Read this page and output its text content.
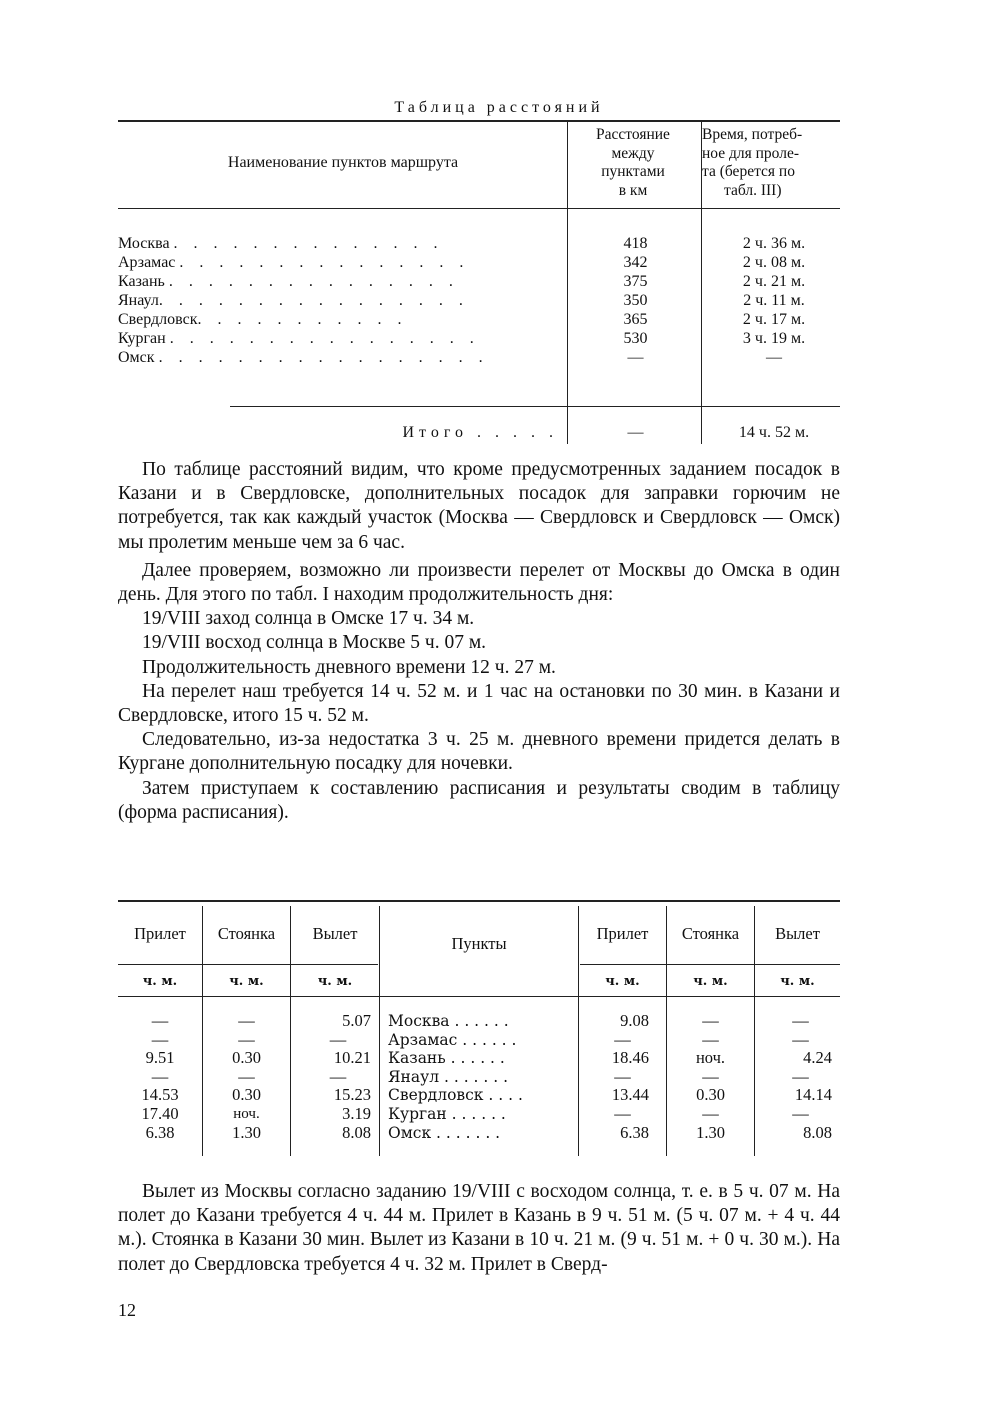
Таблица расстояний
Наименование пунктов маршрута
Расстояние
между
пунктами
в км
Время, потреб-
ное для проле-
та (берется по
табл. III)
Москва . . . . . . . . . . . . . .	418	2 ч. 36 м.
Арзамас . . . . . . . . . . . . . . .	342	2 ч. 08 м.
Казань . . . . . . . . . . . . . . .	375	2 ч. 21 м.
Янаул. . . . . . . . . . . . . . . .	350	2 ч. 11 м.
Свердловск. . . . . . . . . . .	365	2 ч. 17 м.
Курган . . . . . . . . . . . . . . . .	530	3 ч. 19 м.
Омск . . . . . . . . . . . . . . . . .	—	—
Итого . . . . .	—	14 ч. 52 м.

По таблице расстояний видим, что кроме предусмотренных заданием посадок в Казани и в Свердловске, дополнительных посадок для заправки горючим не потребуется, так как каждый участок (Москва — Свердловск и Свердловск — Омск) мы пролетим меньше чем за 6 час.

Далее проверяем, возможно ли произвести перелет от Москвы до Омска в один день. Для этого по табл. I находим продолжительность дня:

19/VIII заход солнца в Омске 17 ч. 34 м.

19/VIII восход солнца в Москве 5 ч. 07 м.

Продолжительность дневного времени 12 ч. 27 м.

На перелет наш требуется 14 ч. 52 м. и 1 час на остановки по 30 мин. в Казани и Свердловске, итого 15 ч. 52 м.

Следовательно, из-за недостатка 3 ч. 25 м. дневного времени придется делать в Кургане дополнительную посадку для ночевки.

Затем приступаем к составлению расписания и результаты сводим в таблицу (форма расписания).

Прилет	Стоянка	Вылет
Пункты
Прилет	Стоянка	Вылет
ч. м.	ч. м.	ч. м.	ч. м.	ч. м.	ч. м.
—	—	5.07 Москва . . . . . .	9.08	—	—
—	—	—	Арзамас . . . . . .	—	—	—
9.51	0.30	10.21 Казань . . . . . .	18.46	ноч.	4.24
—	—	—	Янаул . . . . . . .	—	—	—
14.53	0.30	15.23 Свердловск . . . .	13.44	0.30	14.14
17.40	ноч.	3.19 Курган . . . . . .	—	—	—
6.38	1.30	8.08 Омск . . . . . . .	6.38	1.30	8.08

Вылет из Москвы согласно заданию 19/VIII с восходом солнца, т. е. в 5 ч. 07 м. На полет до Казани требуется 4 ч. 44 м. Прилет в Казань в 9 ч. 51 м. (5 ч. 07 м. + 4 ч. 44 м.). Стоянка в Казани 30 мин. Вылет из Казани в 10 ч. 21 м. (9 ч. 51 м. + 0 ч. 30 м.). На полет до Свердловска требуется 4 ч. 32 м. Прилет в Сверд-

12
